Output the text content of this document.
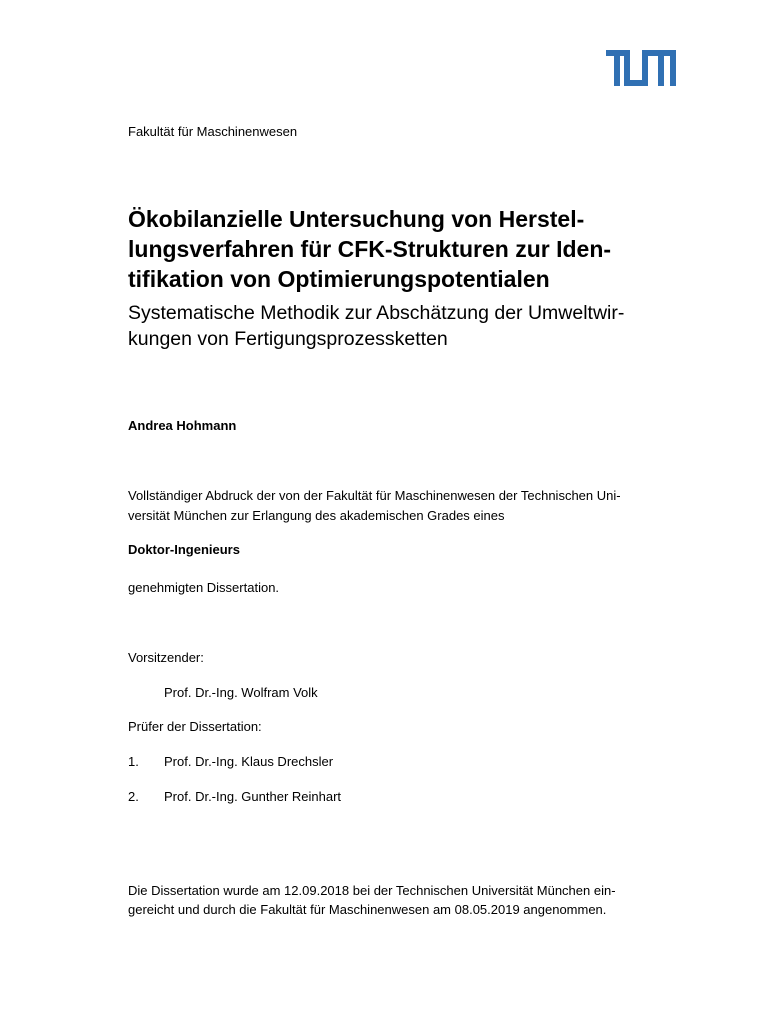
Fakultät für Maschinenwesen

Ökobilanzielle Untersuchung von Herstel-
lungsverfahren für CFK-Strukturen zur Iden-
tifikation von Optimierungspotentialen
Systematische Methodik zur Abschätzung der Umweltwir-
kungen von Fertigungsprozessketten

Andrea Hohmann

Vollständiger Abdruck der von der Fakultät für Maschinenwesen der Technischen Uni-
versität München zur Erlangung des akademischen Grades eines

Doktor-Ingenieurs

genehmigten Dissertation.

Vorsitzender:

Prof. Dr.-Ing. Wolfram Volk

Prüfer der Dissertation:

1. Prof. Dr.-Ing. Klaus Drechsler

2. Prof. Dr.-Ing. Gunther Reinhart

Die Dissertation wurde am 12.09.2018 bei der Technischen Universität München ein-
gereicht und durch die Fakultät für Maschinenwesen am 08.05.2019 angenommen.
